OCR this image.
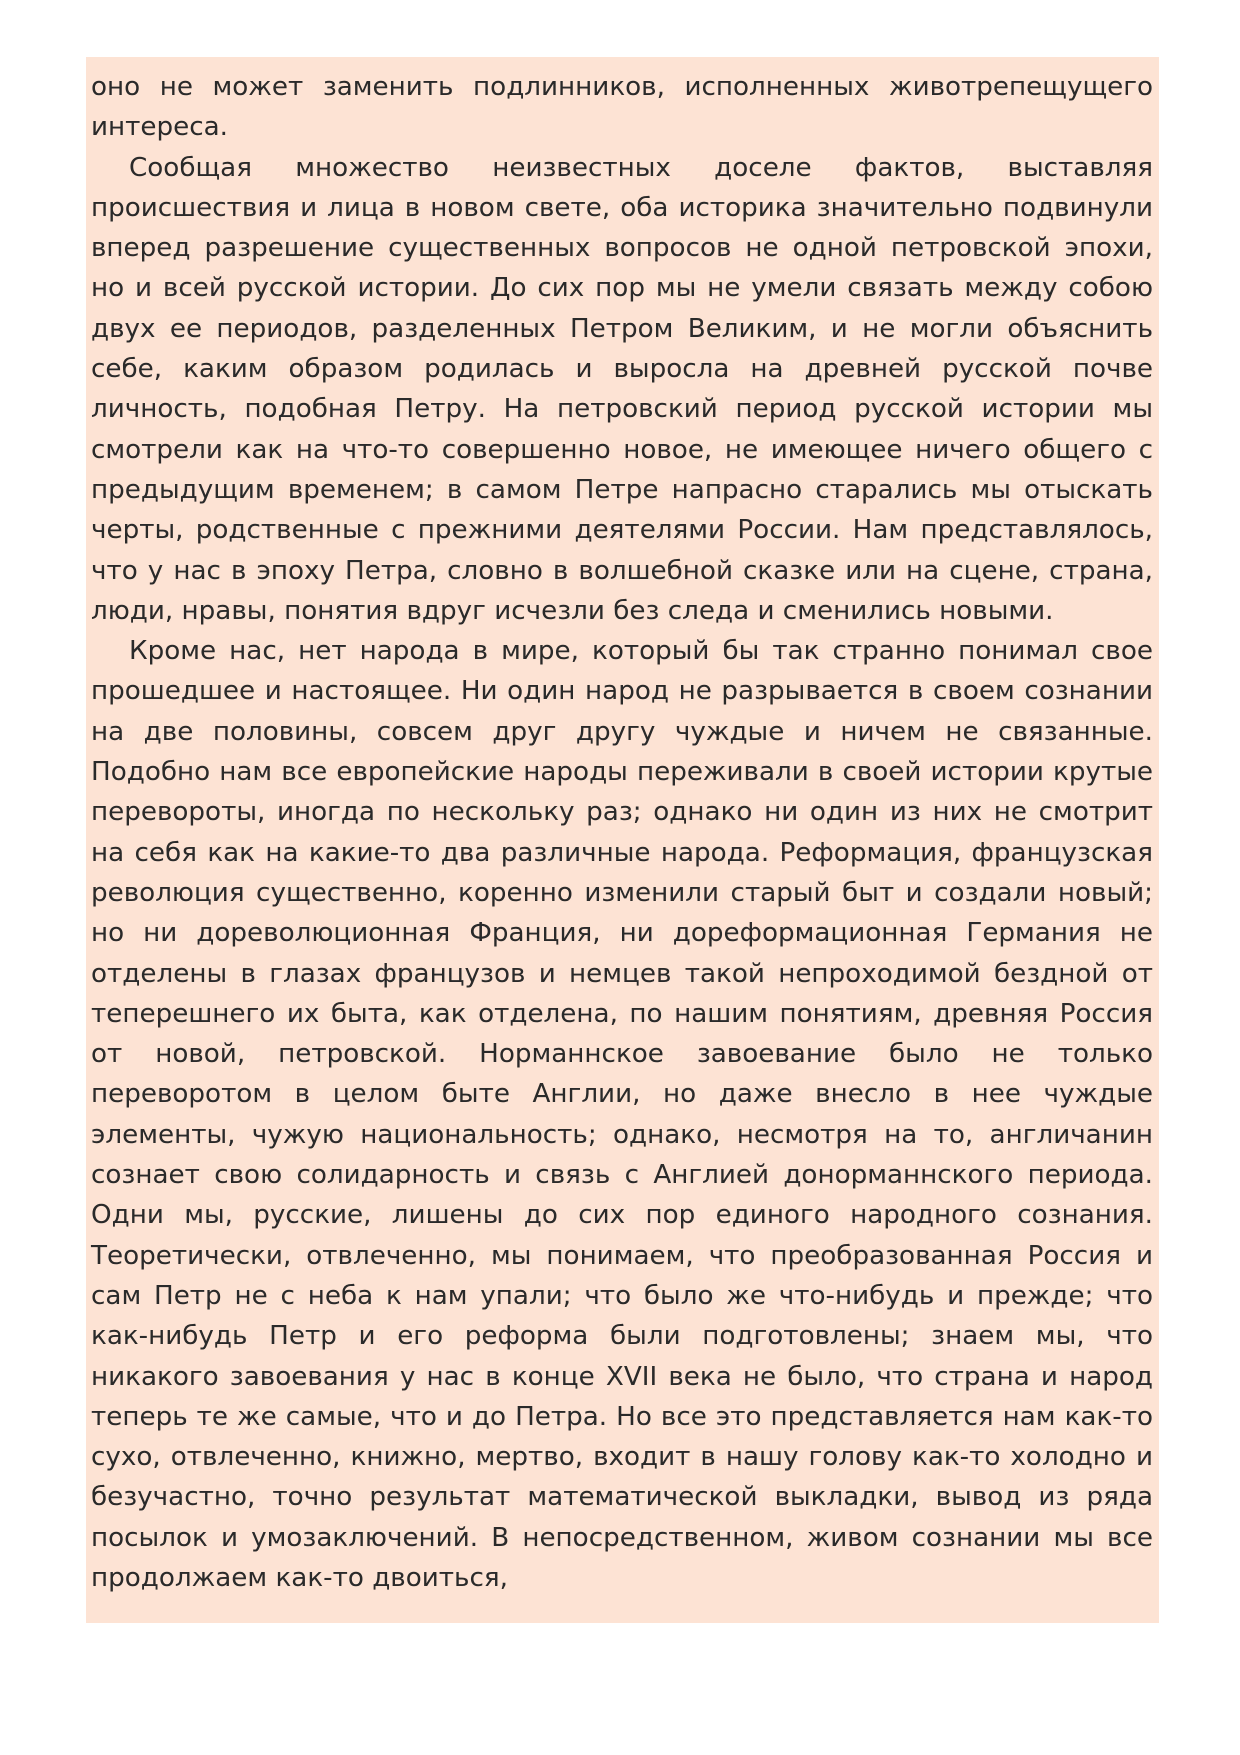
оно не может заменить подлинников, исполненных животрепещущего интереса.

Сообщая множество неизвестных доселе фактов, выставляя происшествия и лица в новом свете, оба историка значительно подвинули вперед разрешение существенных вопросов не одной петровской эпохи, но и всей русской истории. До сих пор мы не умели связать между собою двух ее периодов, разделенных Петром Великим, и не могли объяснить себе, каким образом родилась и выросла на древней русской почве личность, подобная Петру. На петровский период русской истории мы смотрели как на что-то совершенно новое, не имеющее ничего общего с предыдущим временем; в самом Петре напрасно старались мы отыскать черты, родственные с прежними деятелями России. Нам представлялось, что у нас в эпоху Петра, словно в волшебной сказке или на сцене, страна, люди, нравы, понятия вдруг исчезли без следа и сменились новыми.

Кроме нас, нет народа в мире, который бы так странно понимал свое прошедшее и настоящее. Ни один народ не разрывается в своем сознании на две половины, совсем друг другу чуждые и ничем не связанные. Подобно нам все европейские народы переживали в своей истории крутые перевороты, иногда по нескольку раз; однако ни один из них не смотрит на себя как на какие-то два различные народа. Реформация, французская революция существенно, коренно изменили старый быт и создали новый; но ни дореволюционная Франция, ни дореформационная Германия не отделены в глазах французов и немцев такой непроходимой бездной от теперешнего их быта, как отделена, по нашим понятиям, древняя Россия от новой, петровской. Норманнское завоевание было не только переворотом в целом быте Англии, но даже внесло в нее чуждые элементы, чужую национальность; однако, несмотря на то, англичанин сознает свою солидарность и связь с Англией донорманнского периода. Одни мы, русские, лишены до сих пор единого народного сознания. Теоретически, отвлеченно, мы понимаем, что преобразованная Россия и сам Петр не с неба к нам упали; что было же что-нибудь и прежде; что как-нибудь Петр и его реформа были подготовлены; знаем мы, что никакого завоевания у нас в конце XVII века не было, что страна и народ теперь те же самые, что и до Петра. Но все это представляется нам как-то сухо, отвлеченно, книжно, мертво, входит в нашу голову как-то холодно и безучастно, точно результат математической выкладки, вывод из ряда посылок и умозаключений. В непосредственном, живом сознании мы все продолжаем как-то двоиться,
